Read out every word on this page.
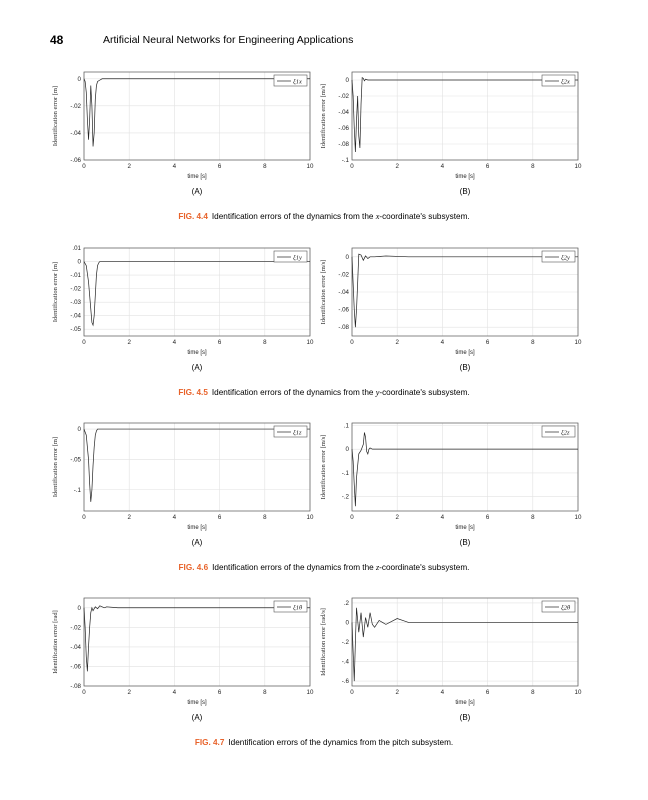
48	Artificial Neural Networks for Engineering Applications
0	2	4	6	8	10
0
-.02
-.04
-.06
time [s]
Identification error [m]
ξ1x
(A)
0	2	4	6	8	10
0
-.02
-.04
-.06
-.08
-.1
time [s]
Identification error [m/s]
ξ2x
(B)
FIG. 4.4 Identification errors of the dynamics from the x-coordinate's subsystem.
0	2	4	6	8	10
.01
0
-.01
-.02
-.03
-.04
-.05
time [s]
Identification error [m]
ξ1y
(A)
0	2	4	6	8	10
0
-.02
-.04
-.06
-.08
time [s]
Identification error [m/s]
ξ2y
(B)
FIG. 4.5 Identification errors of the dynamics from the y-coordinate's subsystem.
0	2	4	6	8	10
0
-.05
-.1
time [s]
Identification error [m]
ξ1z
(A)
0	2	4	6	8	10
.1
0
-.1
-.2
time [s]
Identification error [m/s]
ξ2z
(B)
FIG. 4.6 Identification errors of the dynamics from the z-coordinate's subsystem.
0	2	4	6	8	10
0
-.02
-.04
-.06
-.08
time [s]
Identification error [rad]
ξ1θ
(A)
0	2	4	6	8	10
.2
0
-.2
-.4
-.6
time [s]
Identification error [rad/s]
ξ2θ
(B)
FIG. 4.7 Identification errors of the dynamics from the pitch subsystem.
